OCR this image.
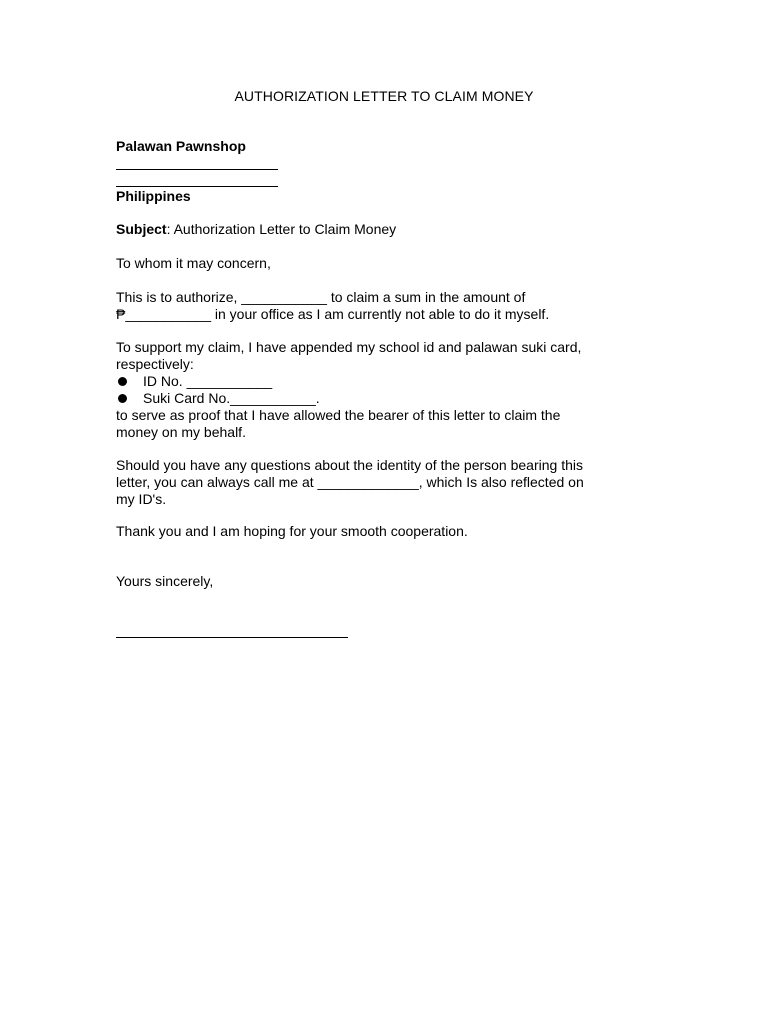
AUTHORIZATION LETTER TO CLAIM MONEY
Palawan Pawnshop
Philippines
Subject: Authorization Letter to Claim Money
To whom it may concern,

This is to authorize, ___________ to claim a sum in the amount of

₱___________ in your office as I am currently not able to do it myself.

To support my claim, I have appended my school id and palawan suki card,

respectively:

ID No. ___________
Suki Card No.___________.

to serve as proof that I have allowed the bearer of this letter to claim the

money on my behalf.

Should you have any questions about the identity of the person bearing this

letter, you can always call me at _____________, which Is also reflected on

my ID's.

Thank you and I am hoping for your smooth cooperation.
Yours sincerely,
